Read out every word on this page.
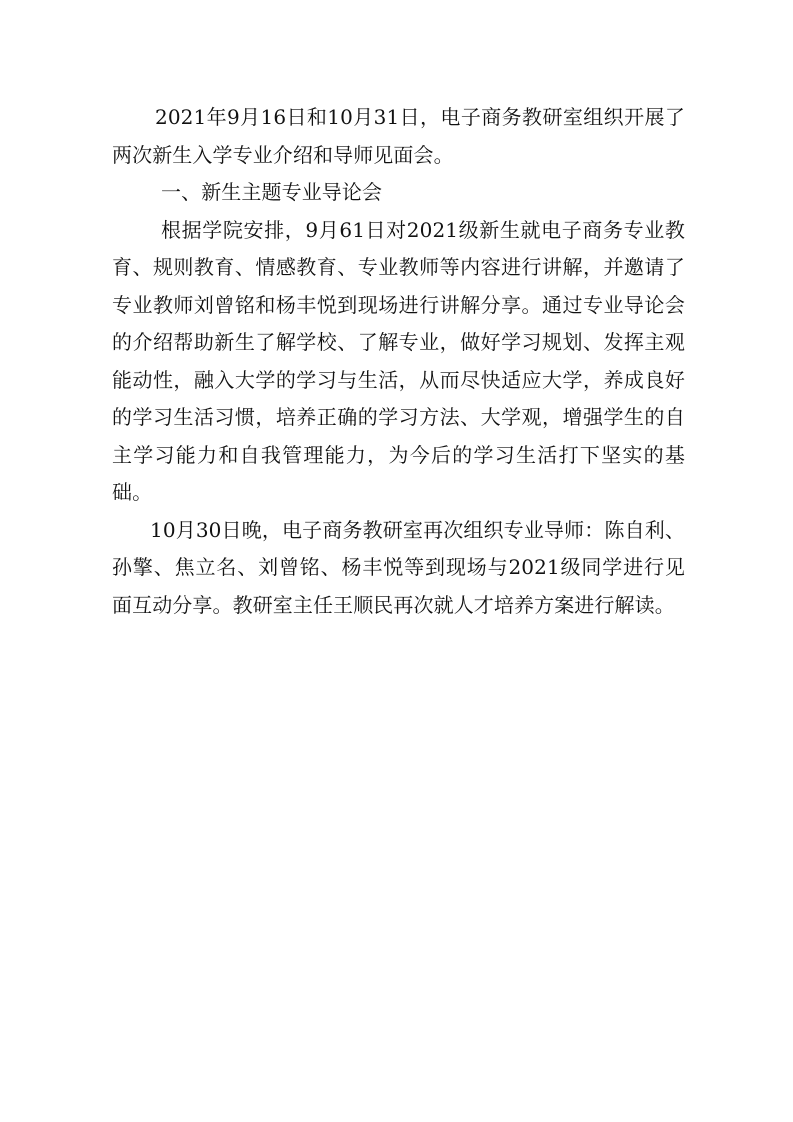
2021年9月16日和10月31日，电子商务教研室组织开展了两次新生入学专业介绍和导师见面会。

一、新生主题专业导论会

根据学院安排，9月61日对2021级新生就电子商务专业教育、规则教育、情感教育、专业教师等内容进行讲解，并邀请了专业教师刘曾铭和杨丰悦到现场进行讲解分享。通过专业导论会的介绍帮助新生了解学校、了解专业，做好学习规划、发挥主观能动性，融入大学的学习与生活，从而尽快适应大学，养成良好的学习生活习惯，培养正确的学习方法、大学观，增强学生的自主学习能力和自我管理能力，为今后的学习生活打下坚实的基础。

10月30日晚，电子商务教研室再次组织专业导师：陈自利、孙擎、焦立名、刘曾铭、杨丰悦等到现场与2021级同学进行见面互动分享。教研室主任王顺民再次就人才培养方案进行解读。
